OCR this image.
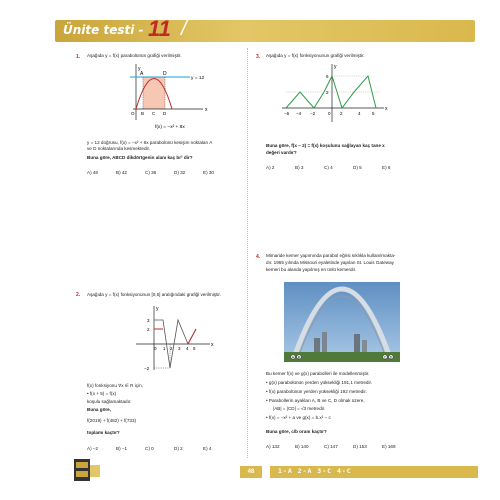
Ünite testi - 11 /
1. Aşağıda y = f(x) parabolünün grafiği verilmiştir.
y
x
y = 12
A	D
O B C D
f(x) = −x² + 8x
y = 12 doğrusu, f(x) = −x² + 8x parabolünü kesişim noktaları A
ve D noktalarında kesmektedir.
Buna göre, ABCD dikdörtgenin alanı kaç br² dir?
A) 48	B) 42	C) 36	D) 32	E) 30
2. Aşağıda y = f(x) fonksiyonunun [0,5] aralığındaki grafiği verilmiştir.
y
x
3
2
−2
0 1 2 3 4 5
f(x) fonksiyonu ∀x ∈ R için,
• f(x + 5) = f(x)
koşulu sağlamaktadır.
Buna göre,
f(2019) + f(482) + f(733)
toplamı kaçtır?
A) −2	B) −1	C) 0	D) 2	E) 4
3. Aşağıda y = f(x) fonksiyonunun grafiği verilmiştir.
y
x
6
2
−6 −4 −2	0 2	4	5
Buna göre, f(x − 2) = f(x) koşulunu sağlayan kaç tane x
değeri vardır?
A) 2	B) 3	C) 4	D) 5	E) 6
4. Mimaride kemer yapımında parabol eğrisi sıklıkla kullanılmakta-
dır. 1965 yılında Missouri eyaletinde yapılan St. Louis Gateway
kemeri bu alanda yapılmış en ünlü kemerdir.
A B	C D
Bu kemer f(x) ve g(x) parabolleri ile modellenmiştir.
• g(x) parabolünün yerden yüksekliği 191,1 metredir.
• f(x) parabolünün yerden yüksekliği 192 metredir.
• Parabollerin ayakları A, B ve C, D olmak üzere,
|AB| = |CD| = √3 metredir.
• f(x) = −x² + a ve g(x) = b.x² − c
Buna göre, c/b oranı kaçtır?
A) 132	B) 140	C) 147	D) 153	E) 169
48	1-A 2-A 3-C 4-C
